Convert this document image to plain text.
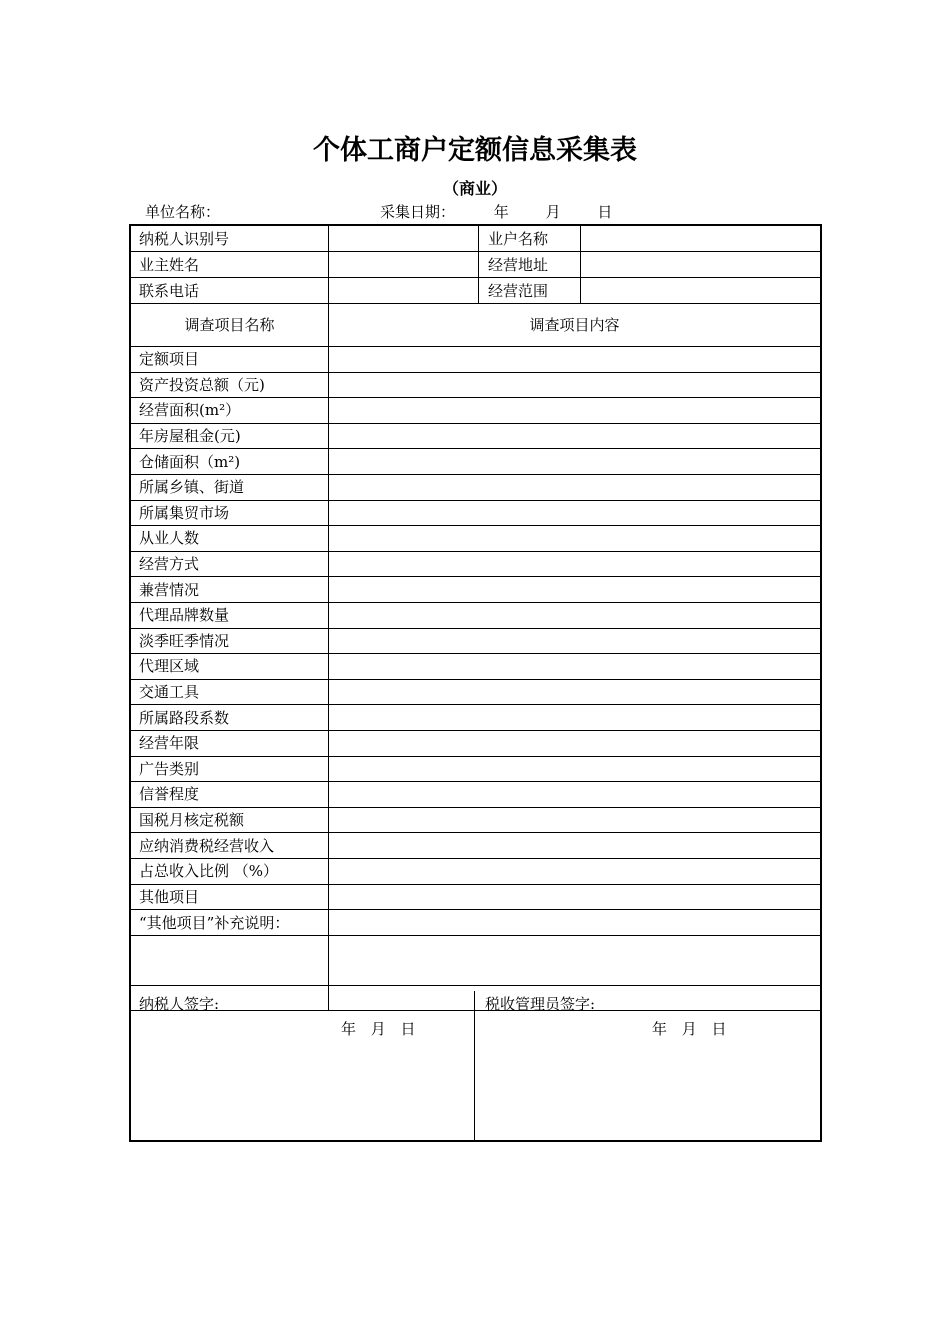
个体工商户定额信息采集表
（商业）
单位名称：	采集日期：	年 月 日
纳税人识别号	业户名称
业主姓名	经营地址
联系电话	经营范围
调查项目名称	调查项目内容
定额项目
资产投资总额（元)
经营面积(m²）
年房屋租金(元)
仓储面积（m²)
所属乡镇、街道
所属集贸市场
从业人数
经营方式
兼营情况
代理品牌数量
淡季旺季情况
代理区域
交通工具
所属路段系数
经营年限
广告类别
信誉程度
国税月核定税额
应纳消费税经营收入
占总收入比例 （%）
其他项目
“其他项目”补充说明：
纳税人签字:
年 月 日
税收管理员签字:
年 月 日
